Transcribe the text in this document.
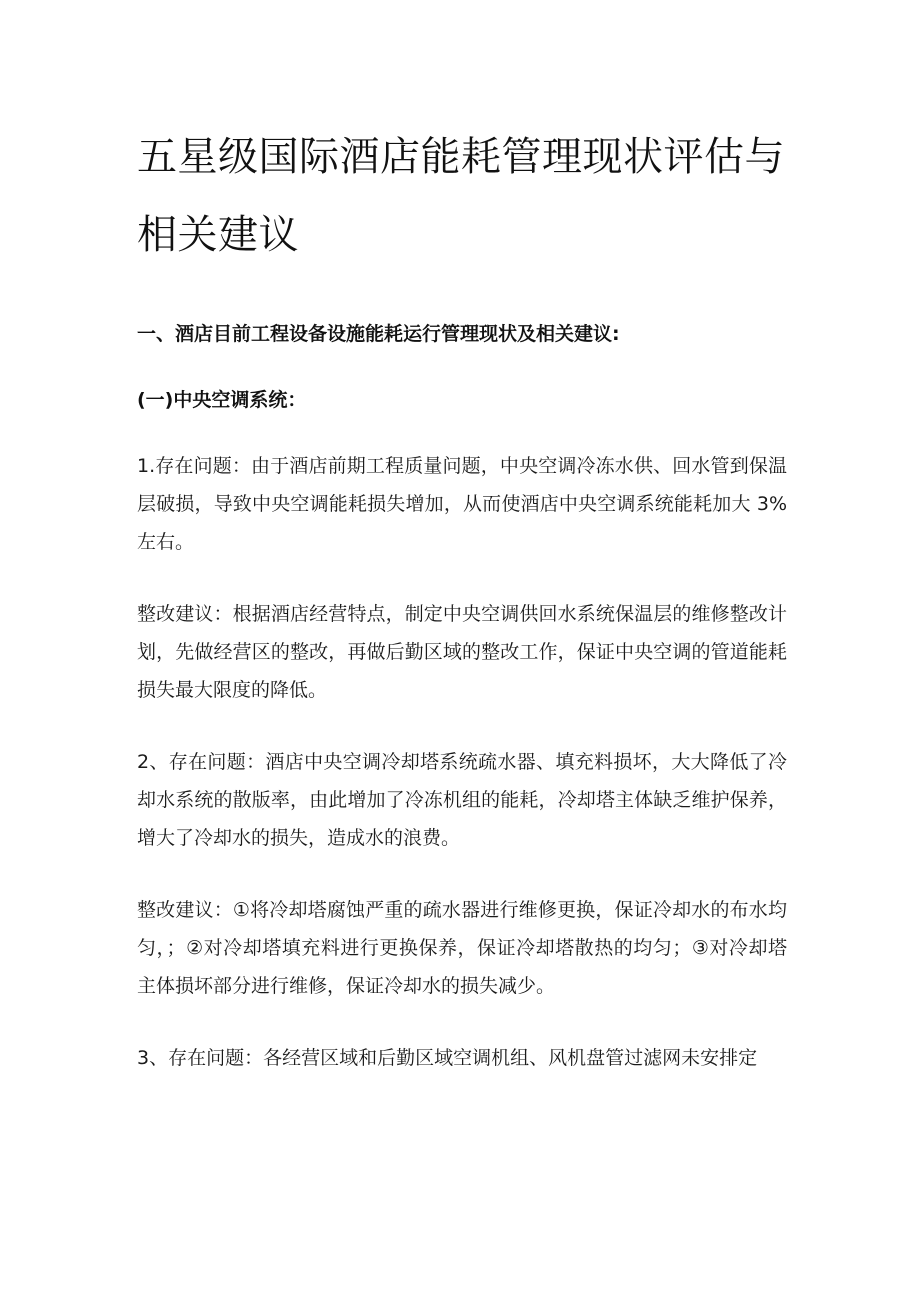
五星级国际酒店能耗管理现状评估与相关建议
一、酒店目前工程设备设施能耗运行管理现状及相关建议:
(一)中央空调系统：

1.存在问题：由于酒店前期工程质量问题，中央空调冷冻水供、回水管到保温层破损，导致中央空调能耗损失增加，从而使酒店中央空调系统能耗加大 3%左右。

整改建议：根据酒店经营特点，制定中央空调供回水系统保温层的维修整改计划，先做经营区的整改，再做后勤区域的整改工作，保证中央空调的管道能耗损失最大限度的降低。

2、存在问题：酒店中央空调冷却塔系统疏水器、填充料损坏，大大降低了冷却水系统的散版率，由此增加了冷冻机组的能耗，冷却塔主体缺乏维护保养，增大了冷却水的损失，造成水的浪费。

整改建议：①将冷却塔腐蚀严重的疏水器进行维修更换，保证冷却水的布水均匀，；②对冷却塔填充料进行更换保养，保证冷却塔散热的均匀；③对冷却塔主体损坏部分进行维修，保证冷却水的损失减少。

3、存在问题：各经营区域和后勤区域空调机组、风机盘管过滤网未安排定
